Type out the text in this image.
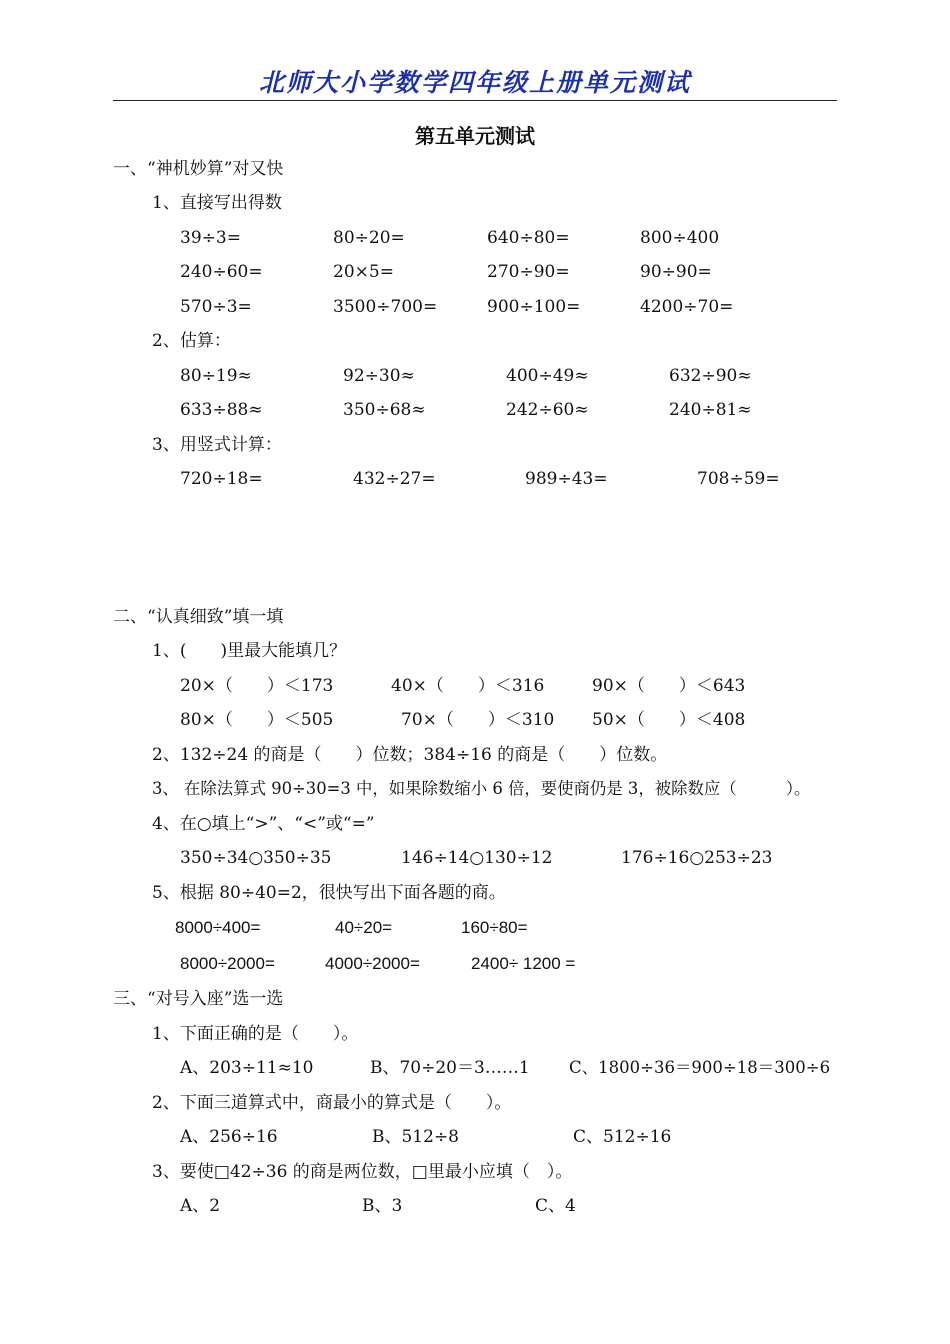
北师大小学数学四年级上册单元测试
第五单元测试
一、“神机妙算”对又快
1、直接写出得数
39÷3=	80÷20=	640÷80=	800÷400
240÷60=	20×5=	270÷90=	90÷90=
570÷3=	3500÷700=	900÷100=	4200÷70=
2、估算：
80÷19≈	92÷30≈	400÷49≈	632÷90≈
633÷88≈	350÷68≈	242÷60≈	240÷81≈
3、用竖式计算：
720÷18=	432÷27=	989÷43=	708÷59=
二、“认真细致”填一填
1、(　　)里最大能填几？
20×（　　）＜173	40×（　　）＜316	90×（　　）＜643
80×（　　）＜505	70×（　　）＜310 50×（　　）＜408
2、132÷24 的商是（　　）位数；384÷16 的商是（　　）位数。
3、 在除法算式 90÷30=3 中，如果除数缩小 6 倍，要使商仍是 3，被除数应（　　　）。
4、在○填上“>”、“<”或“=”
350÷34○350÷35	146÷14○130÷12	176÷16○253÷23
5、根据 80÷40=2，很快写出下面各题的商。
8000÷400=	40÷20=	160÷80=
8000÷2000=	4000÷2000=	2400÷ 1200 =
三、“对号入座”选一选
1、下面正确的是（　　）。
A、203÷11≈10	B、70÷20＝3……1 C、1800÷36＝900÷18＝300÷6
2、下面三道算式中，商最小的算式是（　　）。
A、256÷16	B、512÷8	C、512÷16
3、要使□42÷36 的商是两位数，□里最小应填（　）。
A、2	B、3	C、4
